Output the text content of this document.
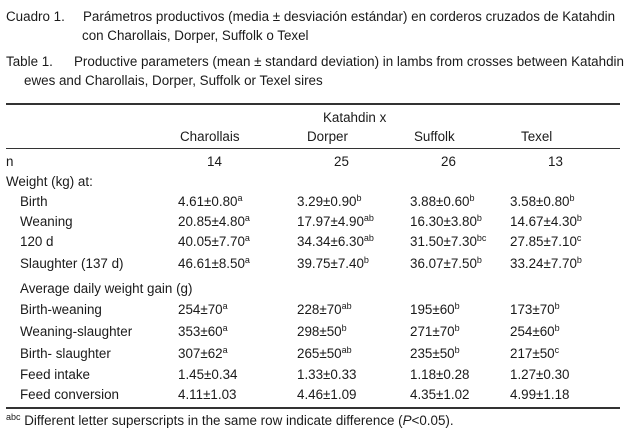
Cuadro 1.	Parámetros productivos (media ± desviación estándar) en corderos cruzados de Katahdin
con Charollais, Dorper, Suffolk o Texel
Table 1.	Productive parameters (mean ± standard deviation) in lambs from crosses between Katahdin
ewes and Charollais, Dorper, Suffolk or Texel sires
Katahdin x
Charollais	Dorper	Suffolk	Texel
n	14	25	26	13
Weight (kg) at:
Birth	4.61±0.80$^a$	3.29±0.90$^b$	3.88±0.60$^b$	3.58±0.80$^b$
Weaning	20.85±4.80$^a$	17.97±4.90$^{ab}$	16.30±3.80$^b$ 14.67±4.30$^b$
120 d	40.05±7.70$^a$	34.34±6.30$^{ab}$	31.50±7.30$^{bc}$ 27.85±7.10$^c$
Slaughter (137 d)	46.61±8.50$^a$	39.75±7.40$^b$	36.07±7.50$^b$ 33.24±7.70$^b$
Average daily weight gain (g)
Birth-weaning	$254\pm 70^a$	$228\pm 70^{ab}$	$195\pm 60^b$	$173\pm 70^b$
Weaning-slaughter	$353\pm 60^a$	$298\pm 50^b$	$271\pm 70^b$	$254\pm 60^b$
Birth- slaughter	$307\pm 62^a$	$265\pm 50^{ab}$	$235\pm 50^b$	$217\pm 50^c$
Feed intake	1.45±0.34	1.33±0.33	1.18±0.28	1.27±0.30
Feed conversion	4.11±1.03	4.46±1.09	4.35±1.02	4.99±1.18
$^{abc}$ Different letter superscripts in the same row indicate difference (P<0.05).
